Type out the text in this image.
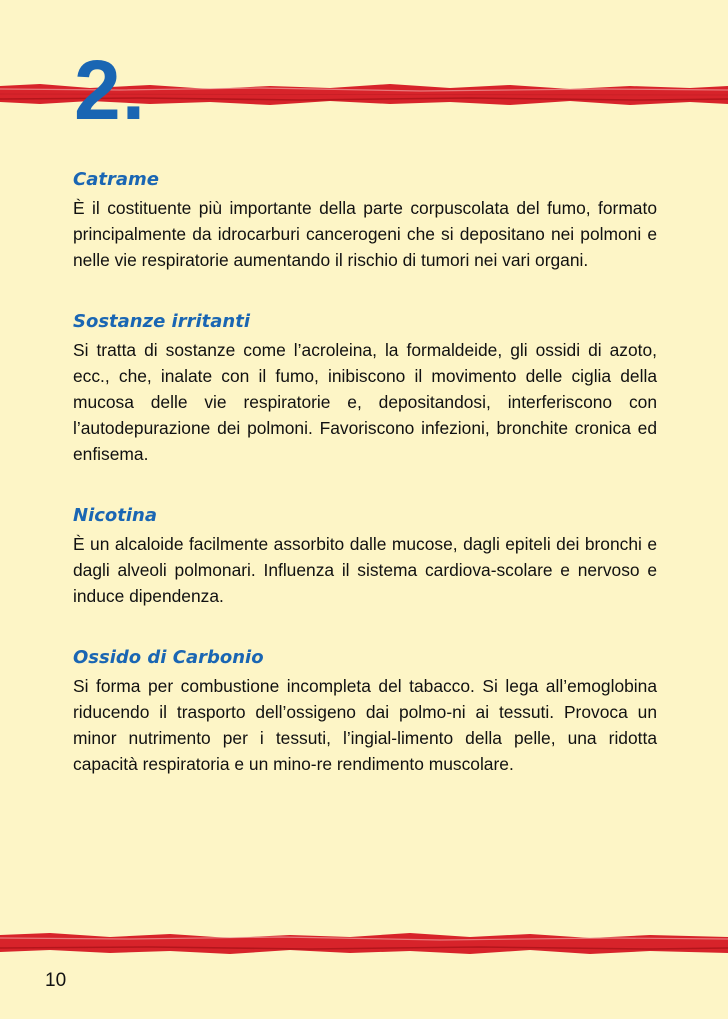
2.
Catrame

È il costituente più importante della parte corpuscolata del fumo, formato principalmente da idrocarburi cancerogeni che si depositano nei polmoni e nelle vie respiratorie aumentando il rischio di tumori nei vari organi.

Sostanze irritanti

Si tratta di sostanze come l’acroleina, la formaldeide, gli ossidi di azoto, ecc., che, inalate con il fumo, inibiscono il movimento delle ciglia della mucosa delle vie respiratorie e, depositandosi, interferiscono con l’autodepurazione dei polmoni. Favoriscono infezioni, bronchite cronica ed enfisema.

Nicotina

È un alcaloide facilmente assorbito dalle mucose, dagli epiteli dei bronchi e dagli alveoli polmonari. Influenza il sistema cardiova-scolare e nervoso e induce dipendenza.

Ossido di Carbonio

Si forma per combustione incompleta del tabacco. Si lega all’emoglobina riducendo il trasporto dell’ossigeno dai polmo-ni ai tessuti. Provoca un minor nutrimento per i tessuti, l’ingial-limento della pelle, una ridotta capacità respiratoria e un mino-re rendimento muscolare.

10
